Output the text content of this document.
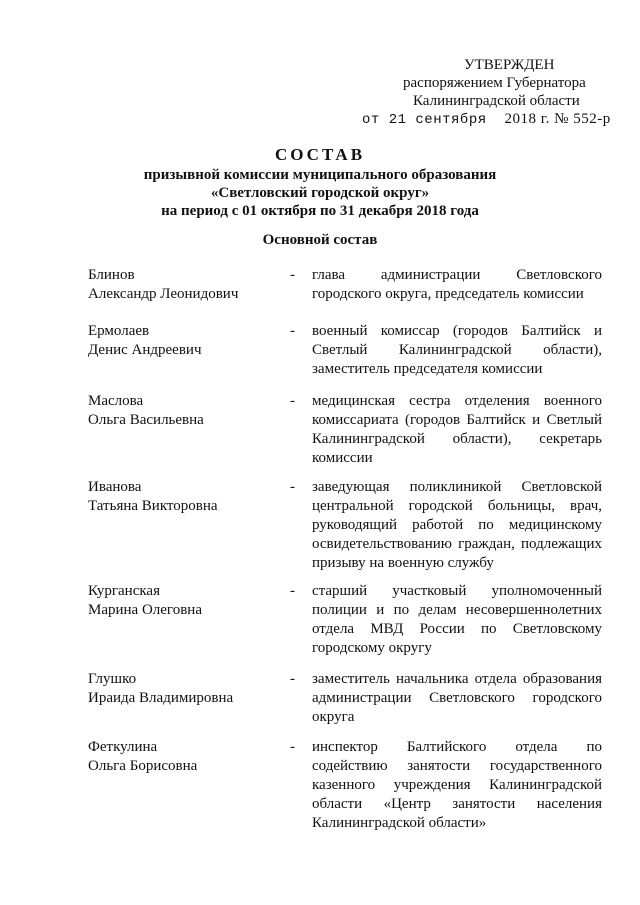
УТВЕРЖДЕН
распоряжением Губернатора
Калининградской области
от 21 сентября 2018 г. № 552-р
СОСТАВ
призывной комиссии муниципального образования
«Светловский городской округ»
на период с 01 октября по 31 декабря 2018 года
Основной состав
Блинов
Александр Леонидович
- глава администрации Светловского городского округа, председатель комиссии
Ермолаев
Денис Андреевич
- военный комиссар (городов Балтийск и Светлый Калининградской области), заместитель председателя комиссии
Маслова
Ольга Васильевна
- медицинская сестра отделения военного комиссариата (городов Балтийск и Светлый Калининградской области), секретарь комиссии
Иванова
Татьяна Викторовна
- заведующая поликлиникой Светловской центральной городской больницы, врач, руководящий работой по медицинскому освидетельствованию граждан, подлежащих призыву на военную службу
Курганская
Марина Олеговна
- старший участковый уполномоченный полиции и по делам несовершеннолетних отдела МВД России по Светловскому городскому округу
Глушко
Ираида Владимировна
- заместитель начальника отдела образования администрации Светловского городского округа
Феткулина
Ольга Борисовна
- инспектор Балтийского отдела по содействию занятости государственного казенного учреждения Калининградской области «Центр занятости населения Калининградской области»
